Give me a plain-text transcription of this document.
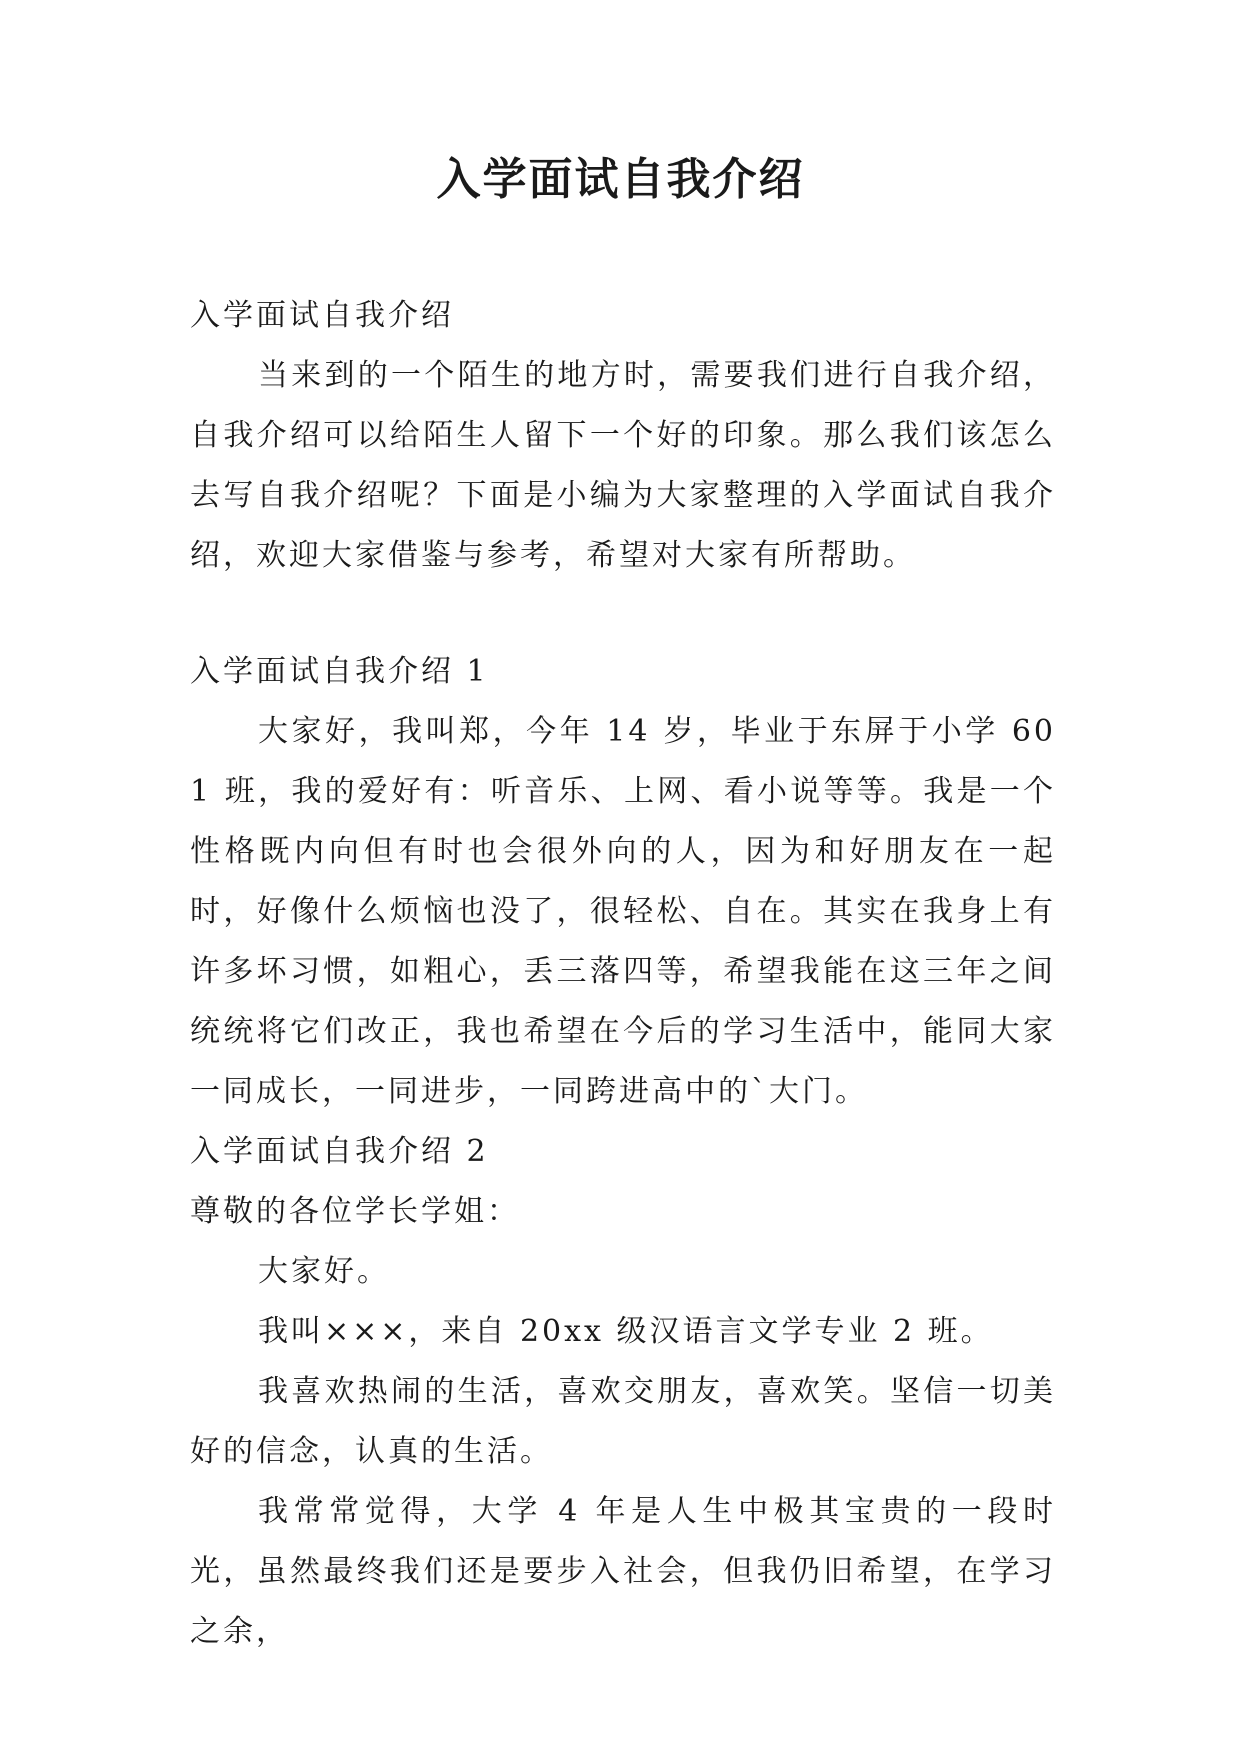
入学面试自我介绍

入学面试自我介绍

当来到的一个陌生的地方时，需要我们进行自我介绍，自我介绍可以给陌生人留下一个好的印象。那么我们该怎么去写自我介绍呢？下面是小编为大家整理的入学面试自我介绍，欢迎大家借鉴与参考，希望对大家有所帮助。

入学面试自我介绍 1

大家好，我叫郑，今年 14 岁，毕业于东屏于小学 601 班，我的爱好有：听音乐、上网、看小说等等。我是一个性格既内向但有时也会很外向的人，因为和好朋友在一起时，好像什么烦恼也没了，很轻松、自在。其实在我身上有许多坏习惯，如粗心，丢三落四等，希望我能在这三年之间统统将它们改正，我也希望在今后的学习生活中，能同大家一同成长，一同进步，一同跨进高中的`大门。

入学面试自我介绍 2

尊敬的各位学长学姐：

大家好。

我叫×××，来自 20xx 级汉语言文学专业 2 班。

我喜欢热闹的生活，喜欢交朋友，喜欢笑。坚信一切美好的信念，认真的生活。

我常常觉得，大学 4 年是人生中极其宝贵的一段时光，虽然最终我们还是要步入社会，但我仍旧希望，在学习之余，
